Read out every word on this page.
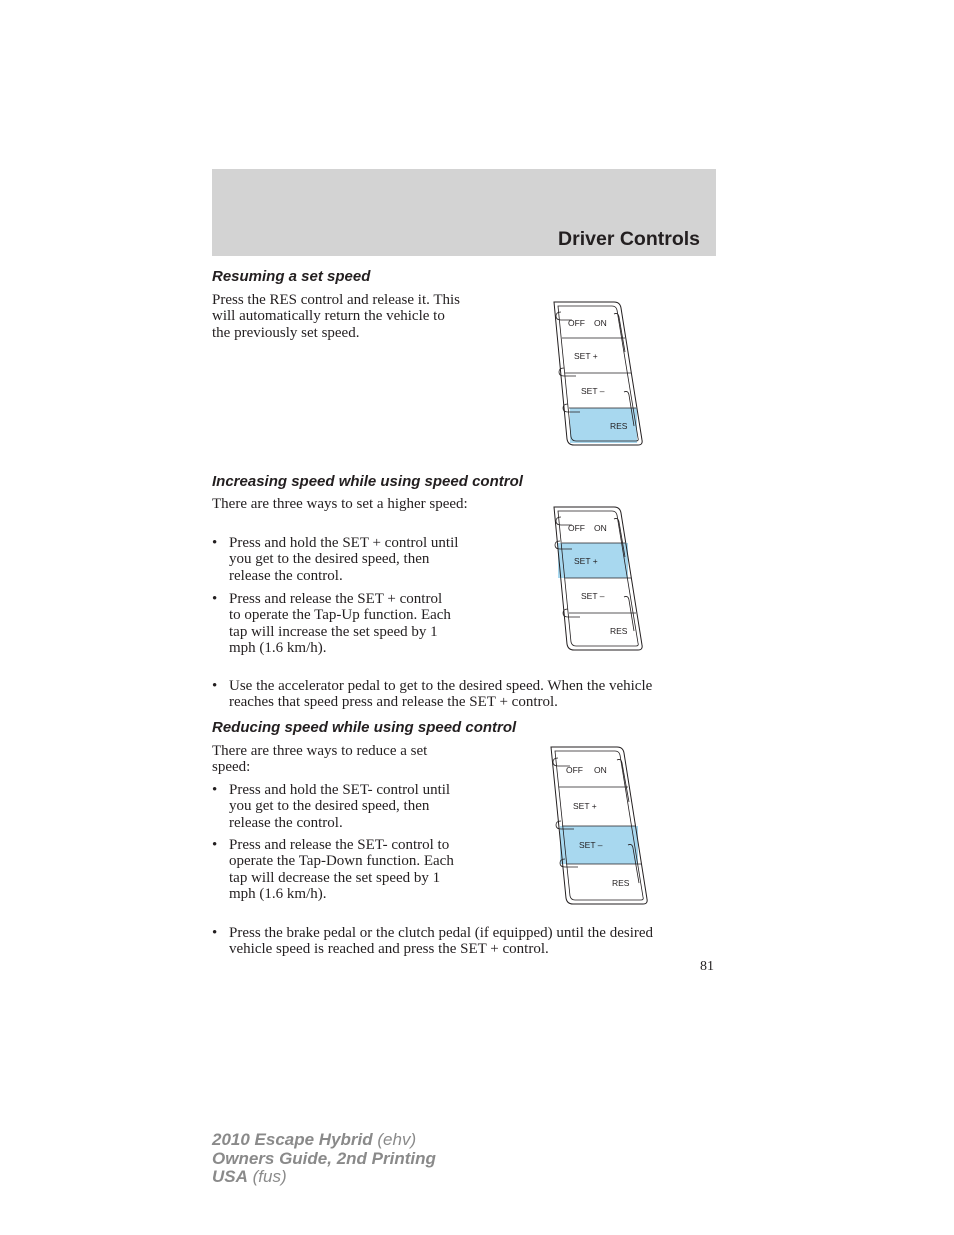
Driver Controls
Resuming a set speed

Press the RES control and release it. This will automatically return the vehicle to the previously set speed.

Increasing speed while using speed control

There are three ways to set a higher speed:

• Press and hold the SET + control until you get to the desired speed, then release the control.
• Press and release the SET + control to operate the Tap-Up function. Each tap will increase the set speed by 1 mph (1.6 km/h).
• Use the accelerator pedal to get to the desired speed. When the vehicle reaches that speed press and release the SET + control.
Reducing speed while using speed control

There are three ways to reduce a set speed:

• Press and hold the SET- control until you get to the desired speed, then release the control.
• Press and release the SET- control to operate the Tap-Down function. Each tap will decrease the set speed by 1 mph (1.6 km/h).
• Press the brake pedal or the clutch pedal (if equipped) until the desired vehicle speed is reached and press the SET + control.
OFF ON
SET +
SET –
RES
OFF ON
SET +
SET –
RES
OFF ON
SET +
SET –
RES
81
2010 Escape Hybrid (ehv)
Owners Guide, 2nd Printing
USA (fus)
